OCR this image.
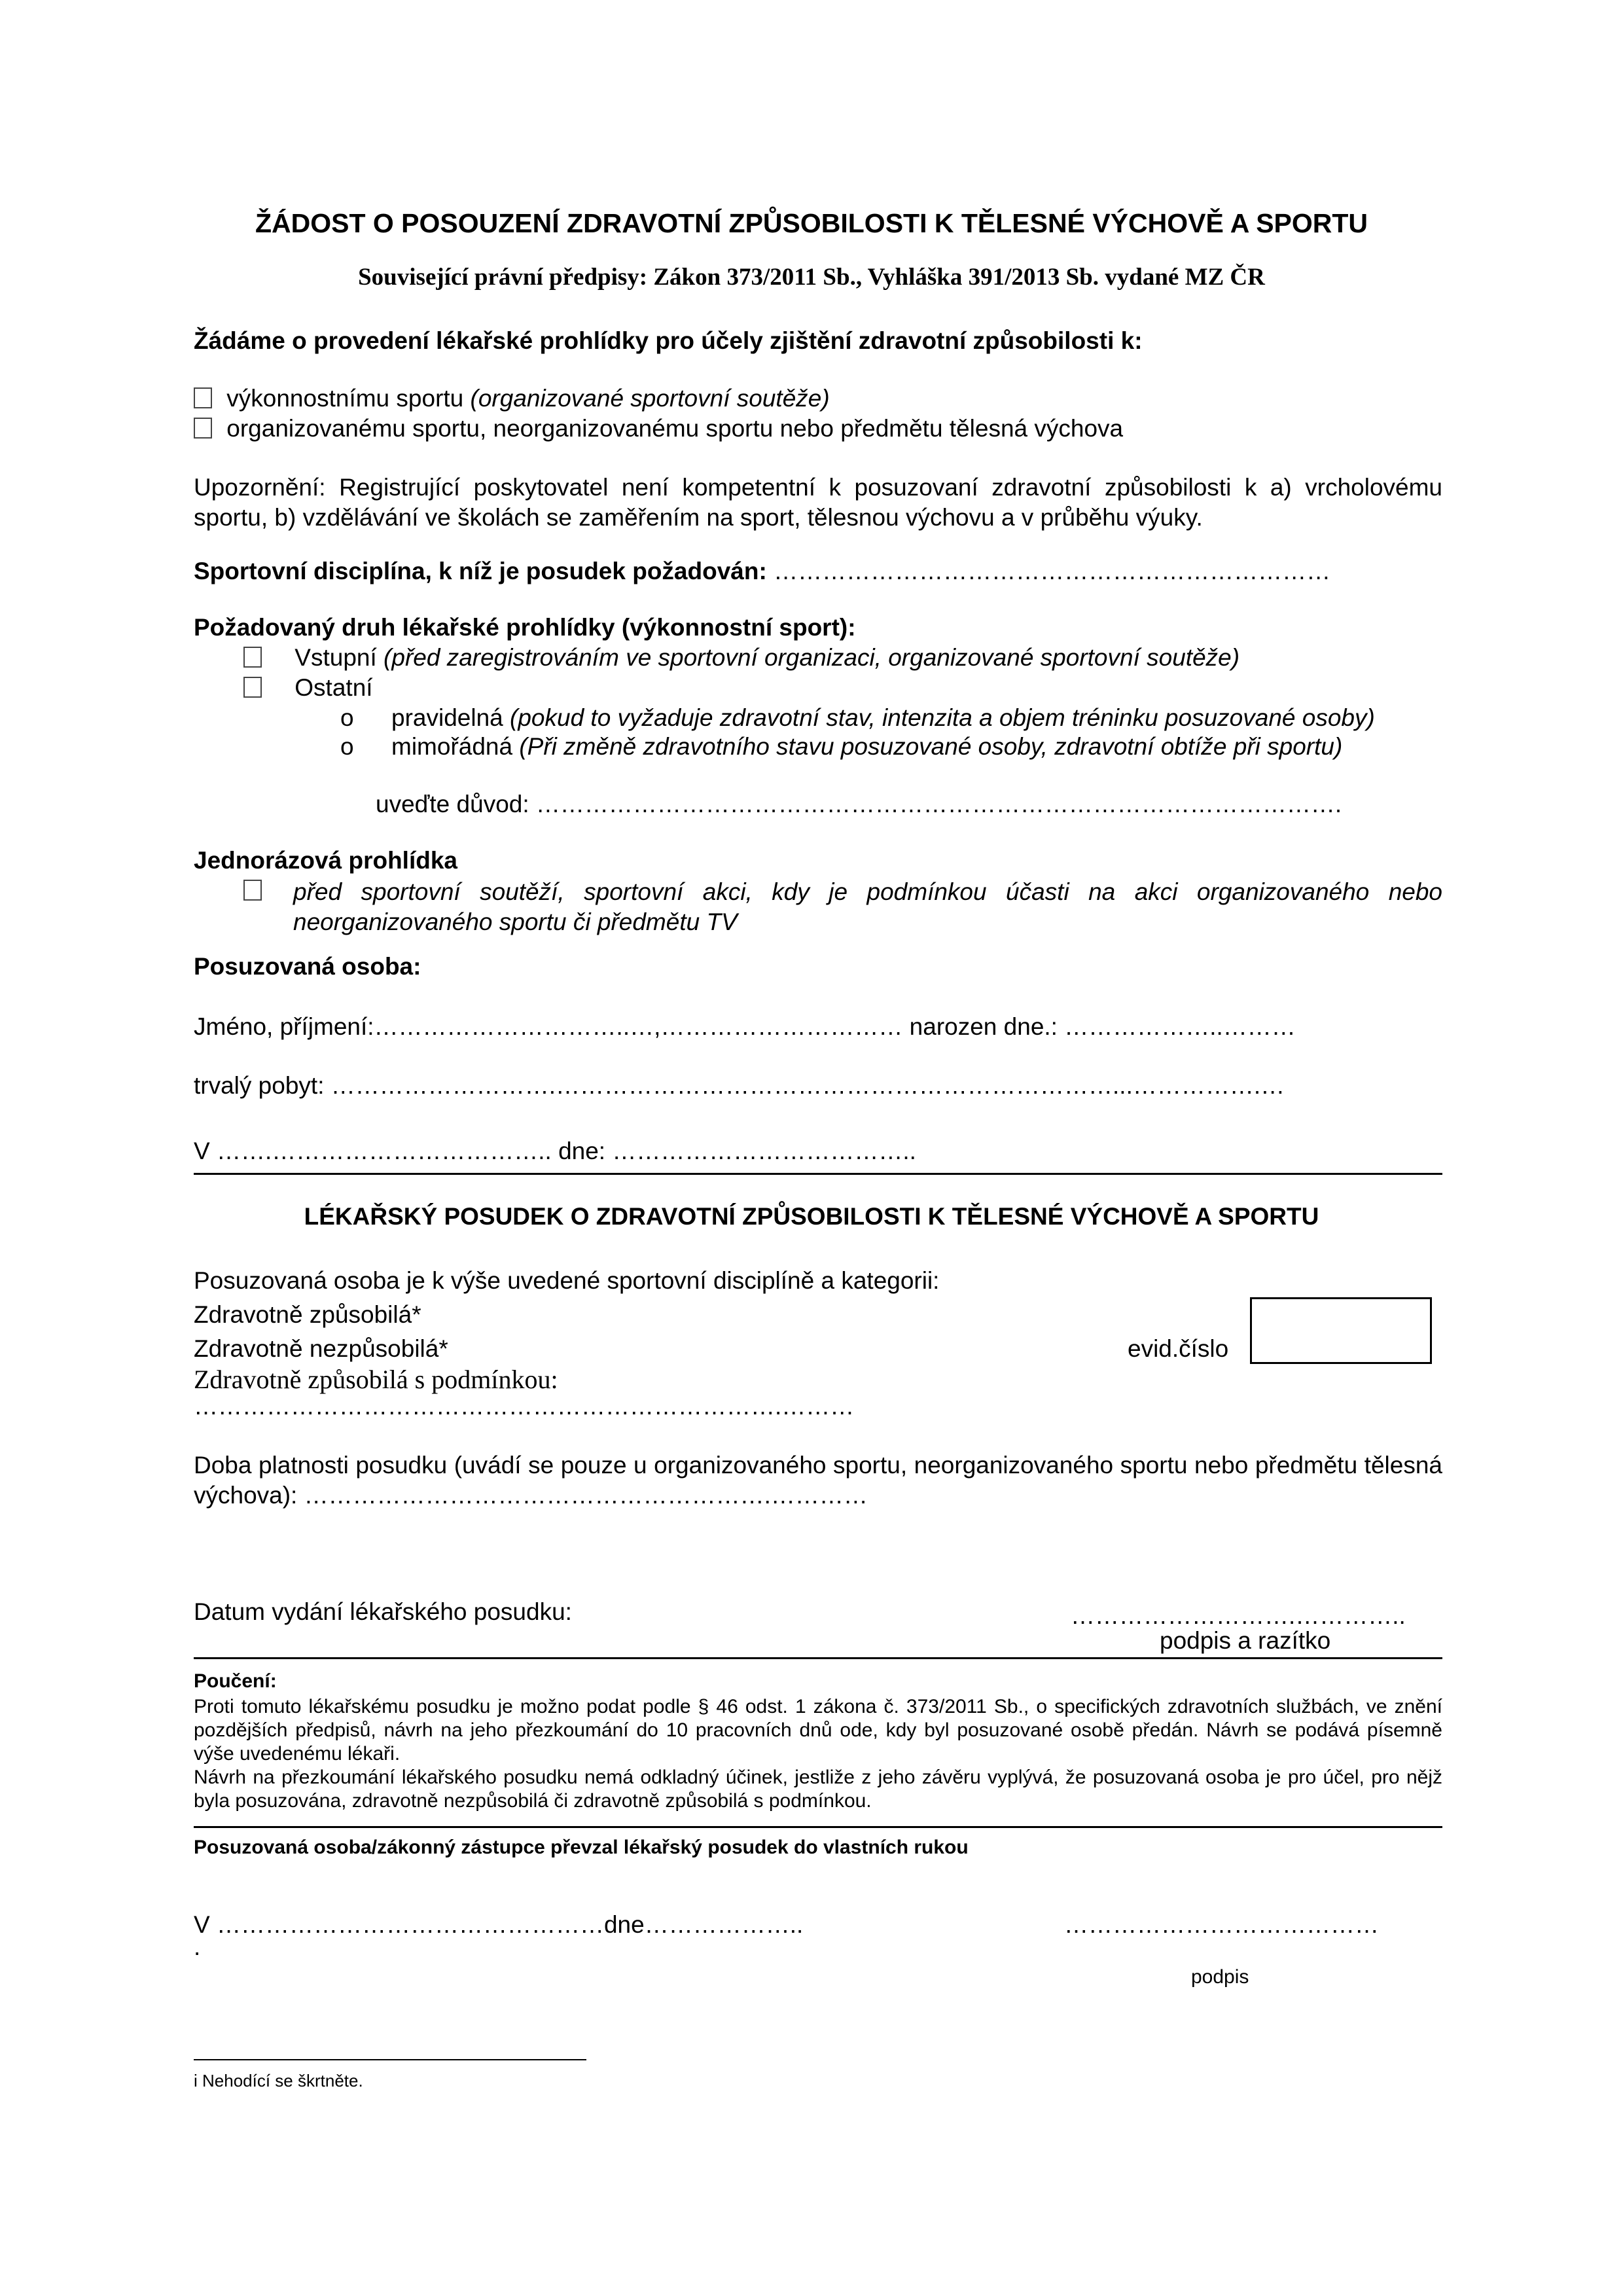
ŽÁDOST O POSOUZENÍ ZDRAVOTNÍ ZPŮSOBILOSTI K TĚLESNÉ VÝCHOVĚ A SPORTU
Související právní předpisy: Zákon 373/2011 Sb., Vyhláška 391/2013 Sb. vydané MZ ČR
Žádáme o provedení lékařské prohlídky pro účely zjištění zdravotní způsobilosti k:
výkonnostnímu sportu (organizované sportovní soutěže)
organizovanému sportu, neorganizovanému sportu nebo předmětu tělesná výchova
Upozornění: Registrující poskytovatel není kompetentní k posuzovaní zdravotní způsobilosti k a) vrcholovému sportu, b) vzdělávání ve školách se zaměřením na sport, tělesnou výchovu a v průběhu výuky.
Sportovní disciplína, k níž je posudek požadován: ……………………………………………………………
Požadovaný druh lékařské prohlídky (výkonnostní sport):
Vstupní (před zaregistrováním ve sportovní organizaci, organizované sportovní soutěže)
Ostatní
o pravidelná (pokud to vyžaduje zdravotní stav, intenzita a objem tréninku posuzované osoby)
o mimořádná (Při změně zdravotního stavu posuzované osoby, zdravotní obtíže při sportu)
uveďte důvod: ……………………………………………………………………………………….
Jednorázová prohlídka
před sportovní soutěží, sportovní akci, kdy je podmínkou účasti na akci organizovaného nebo neorganizovaného sportu či předmětu TV
Posuzovaná osoba:
Jméno, příjmení:…………………………..…,………………………… narozen dne.: ………………..………
trvalý pobyt: ……………………….……………………………………………………………...…………….…
V …….…………………………….. dne: ………………………………..
LÉKAŘSKÝ POSUDEK O ZDRAVOTNÍ ZPŮSOBILOSTI K TĚLESNÉ VÝCHOVĚ A SPORTU
Posuzovaná osoba je k výše uvedené sportovní disciplíně a kategorii:
Zdravotně způsobilá*
Zdravotně nezpůsobilá*	evid.číslo
Zdravotně způsobilá s podmínkou:
……………………………………………………………….………
Doba platnosti posudku (uvádí se pouze u organizovaného sportu, neorganizovaného sportu nebo předmětu tělesná výchova): ………………………………………………….…………
Datum vydání lékařského posudku:	……………………….…………..
podpis a razítko
Poučení:
Proti tomuto lékařskému posudku je možno podat podle § 46 odst. 1 zákona č. 373/2011 Sb., o specifických zdravotních službách, ve znění pozdějších předpisů, návrh na jeho přezkoumání do 10 pracovních dnů ode, kdy byl posuzované osobě předán. Návrh se podává písemně výše uvedenému lékaři.
Návrh na přezkoumání lékařského posudku nemá odkladný účinek, jestliže z jeho závěru vyplývá, že posuzovaná osoba je pro účel, pro nějž byla posuzována, zdravotně nezpůsobilá či zdravotně způsobilá s podmínkou.
Posuzovaná osoba/zákonný zástupce převzal lékařský posudek do vlastních rukou
V …………………………………………dne………………..
.
…………………………………
podpis
i Nehodící se škrtněte.
